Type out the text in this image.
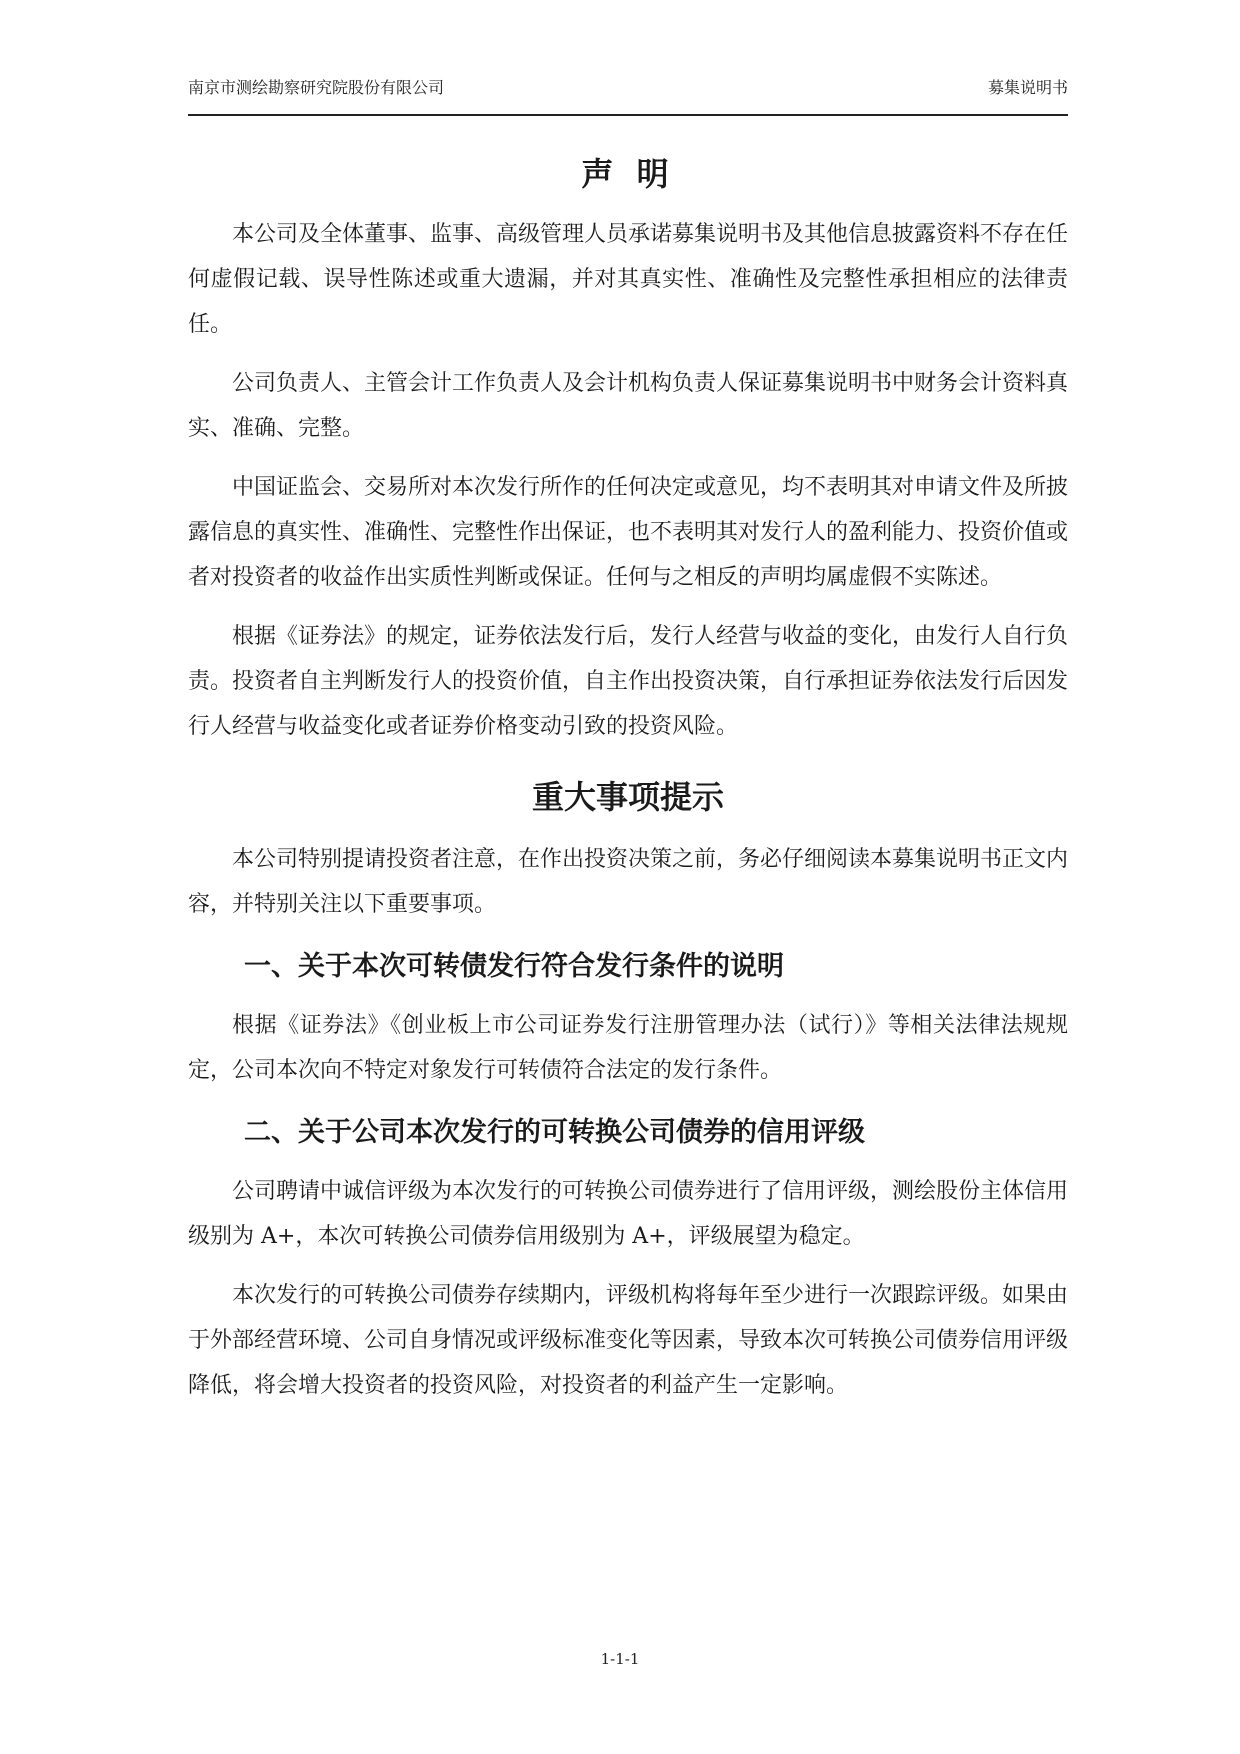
南京市测绘勘察研究院股份有限公司	募集说明书
声 明

本公司及全体董事、监事、高级管理人员承诺募集说明书及其他信息披露资料不存在任何虚假记载、误导性陈述或重大遗漏，并对其真实性、准确性及完整性承担相应的法律责任。

公司负责人、主管会计工作负责人及会计机构负责人保证募集说明书中财务会计资料真实、准确、完整。

中国证监会、交易所对本次发行所作的任何决定或意见，均不表明其对申请文件及所披露信息的真实性、准确性、完整性作出保证，也不表明其对发行人的盈利能力、投资价值或者对投资者的收益作出实质性判断或保证。任何与之相反的声明均属虚假不实陈述。

根据《证券法》的规定，证券依法发行后，发行人经营与收益的变化，由发行人自行负责。投资者自主判断发行人的投资价值，自主作出投资决策，自行承担证券依法发行后因发行人经营与收益变化或者证券价格变动引致的投资风险。

重大事项提示

本公司特别提请投资者注意，在作出投资决策之前，务必仔细阅读本募集说明书正文内容，并特别关注以下重要事项。

一、关于本次可转债发行符合发行条件的说明

根据《证券法》《创业板上市公司证券发行注册管理办法（试行）》等相关法律法规规定，公司本次向不特定对象发行可转债符合法定的发行条件。

二、关于公司本次发行的可转换公司债券的信用评级

公司聘请中诚信评级为本次发行的可转换公司债券进行了信用评级，测绘股份主体信用级别为 A+，本次可转换公司债券信用级别为 A+，评级展望为稳定。

本次发行的可转换公司债券存续期内，评级机构将每年至少进行一次跟踪评级。如果由于外部经营环境、公司自身情况或评级标准变化等因素，导致本次可转换公司债券信用评级降低，将会增大投资者的投资风险，对投资者的利益产生一定影响。

1-1-1
